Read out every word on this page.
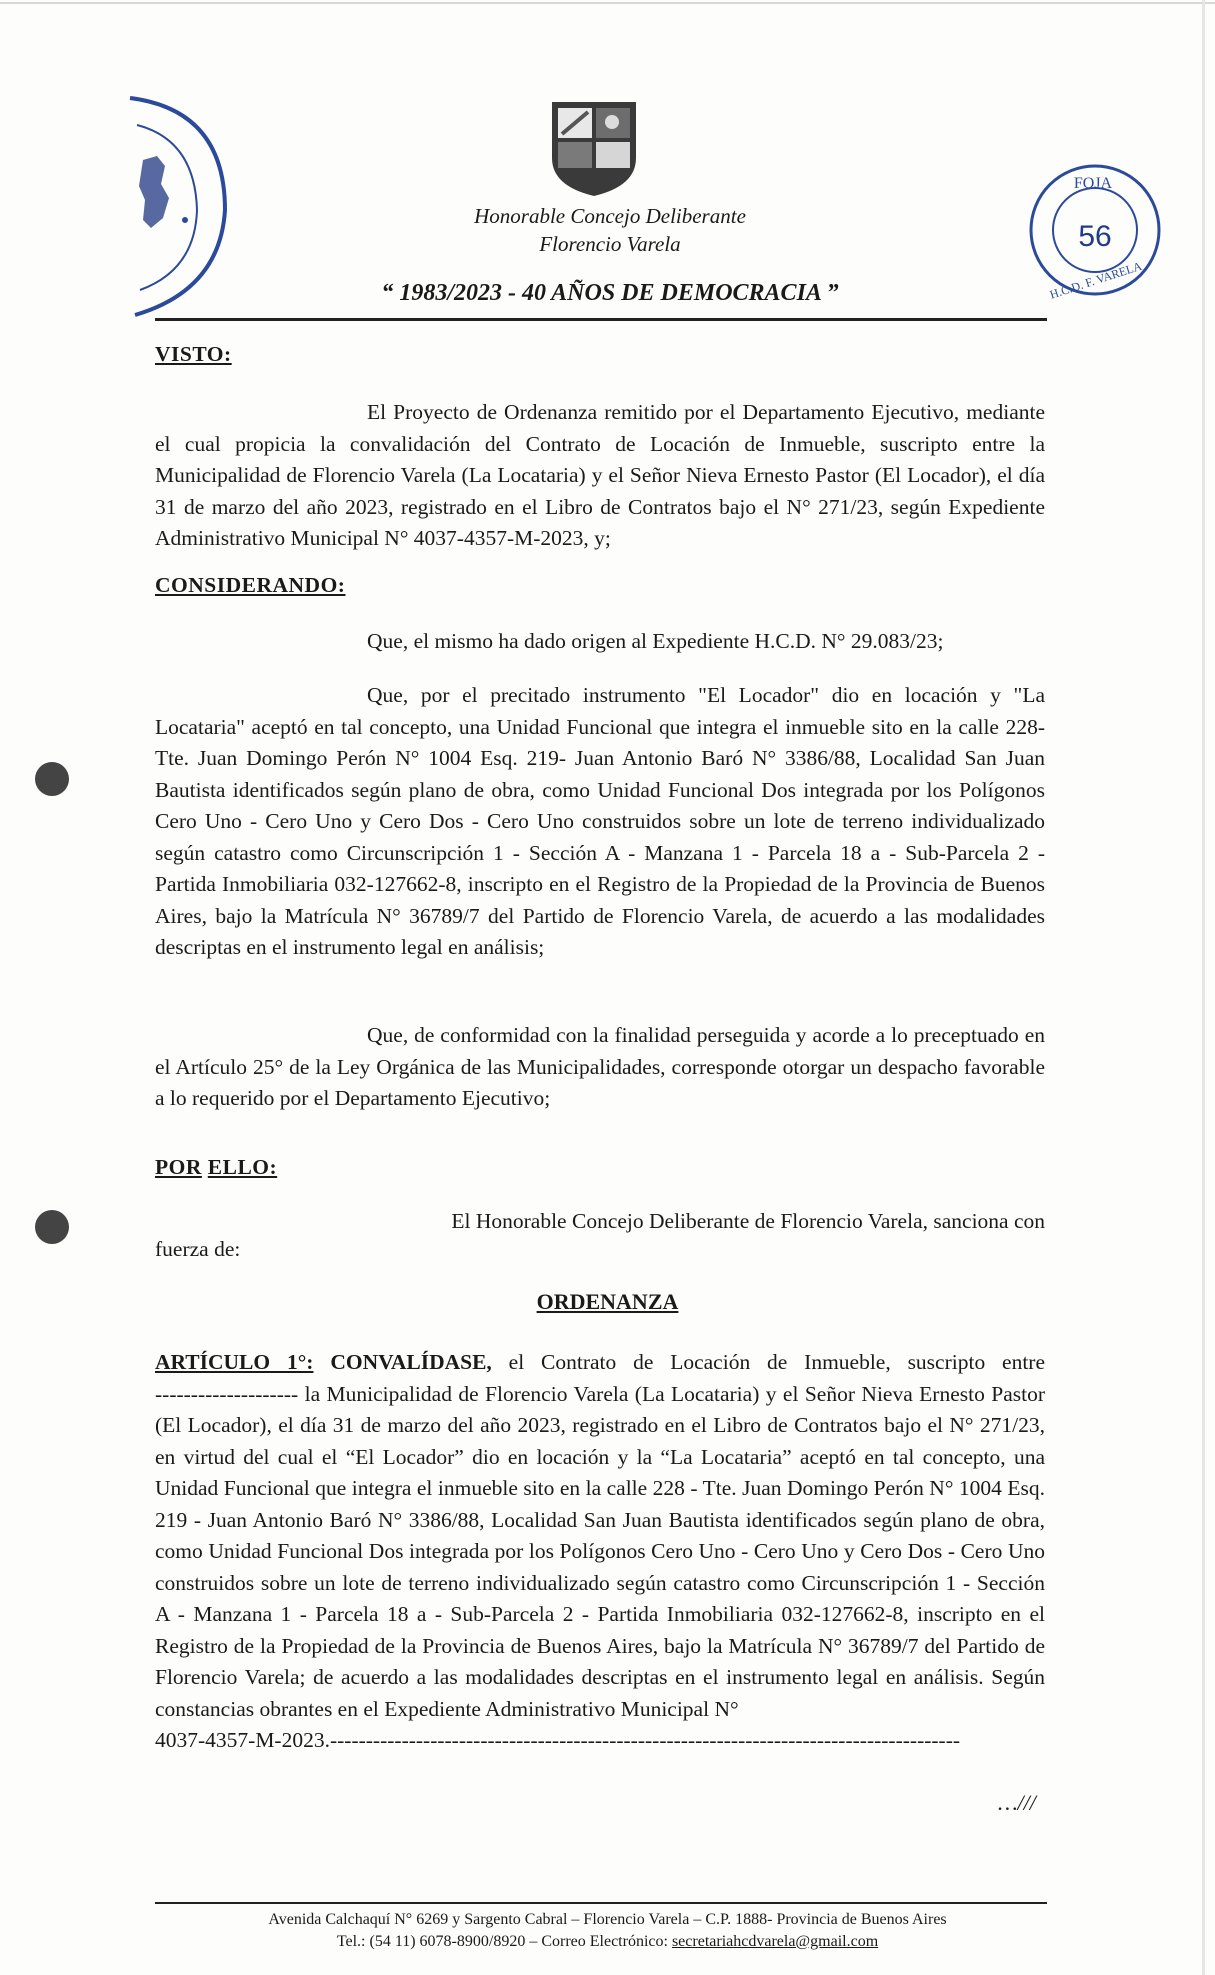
Honorable Concejo Deliberante
Florencio Varela
“ 1983/2023 - 40 AÑOS DE DEMOCRACIA ”
FOJA
56
H.C.D. F. VARELA
VISTO:
El Proyecto de Ordenanza remitido por el Departamento Ejecutivo, mediante el cual propicia la convalidación del Contrato de Locación de Inmueble, suscripto entre la Municipalidad de Florencio Varela (La Locataria) y el Señor Nieva Ernesto Pastor (El Locador), el día 31 de marzo del año 2023, registrado en el Libro de Contratos bajo el N° 271/23, según Expediente Administrativo Municipal N° 4037-4357-M-2023, y;
CONSIDERANDO:
Que, el mismo ha dado origen al Expediente H.C.D. N° 29.083/23;
Que, por el precitado instrumento "El Locador" dio en locación y "La Locataria" aceptó en tal concepto, una Unidad Funcional que integra el inmueble sito en la calle 228- Tte. Juan Domingo Perón N° 1004 Esq. 219- Juan Antonio Baró N° 3386/88, Localidad San Juan Bautista identificados según plano de obra, como Unidad Funcional Dos integrada por los Polígonos Cero Uno - Cero Uno y Cero Dos - Cero Uno construidos sobre un lote de terreno individualizado según catastro como Circunscripción 1 - Sección A - Manzana 1 - Parcela 18 a - Sub-Parcela 2 - Partida Inmobiliaria 032-127662-8, inscripto en el Registro de la Propiedad de la Provincia de Buenos Aires, bajo la Matrícula N° 36789/7 del Partido de Florencio Varela, de acuerdo a las modalidades descriptas en el instrumento legal en análisis;
Que, de conformidad con la finalidad perseguida y acorde a lo preceptuado en el Artículo 25° de la Ley Orgánica de las Municipalidades, corresponde otorgar un despacho favorable a lo requerido por el Departamento Ejecutivo;
POR ELLO:
El Honorable Concejo Deliberante de Florencio Varela, sanciona con
fuerza de:
ORDENANZA
ARTÍCULO 1°: CONVALÍDASE, el Contrato de Locación de Inmueble, suscripto entre
-------------------- la Municipalidad de Florencio Varela (La Locataria) y el Señor Nieva Ernesto Pastor (El Locador), el día 31 de marzo del año 2023, registrado en el Libro de Contratos bajo el N° 271/23, en virtud del cual el “El Locador” dio en locación y la “La Locataria” aceptó en tal concepto, una Unidad Funcional que integra el inmueble sito en la calle 228 - Tte. Juan Domingo Perón N° 1004 Esq. 219 - Juan Antonio Baró N° 3386/88, Localidad San Juan Bautista identificados según plano de obra, como Unidad Funcional Dos integrada por los Polígonos Cero Uno - Cero Uno y Cero Dos - Cero Uno construidos sobre un lote de terreno individualizado según catastro como Circunscripción 1 - Sección A - Manzana 1 - Parcela 18 a - Sub-Parcela 2 - Partida Inmobiliaria 032-127662-8, inscripto en el Registro de la Propiedad de la Provincia de Buenos Aires, bajo la Matrícula N° 36789/7 del Partido de Florencio Varela; de acuerdo a las modalidades descriptas en el instrumento legal en análisis. Según constancias obrantes en el Expediente Administrativo Municipal N°
4037-4357-M-2023.----------------------------------------------------------------------------------------
…///
Avenida Calchaquí N° 6269 y Sargento Cabral – Florencio Varela – C.P. 1888- Provincia de Buenos Aires
Tel.: (54 11) 6078-8900/8920 – Correo Electrónico: secretariahcdvarela@gmail.com
